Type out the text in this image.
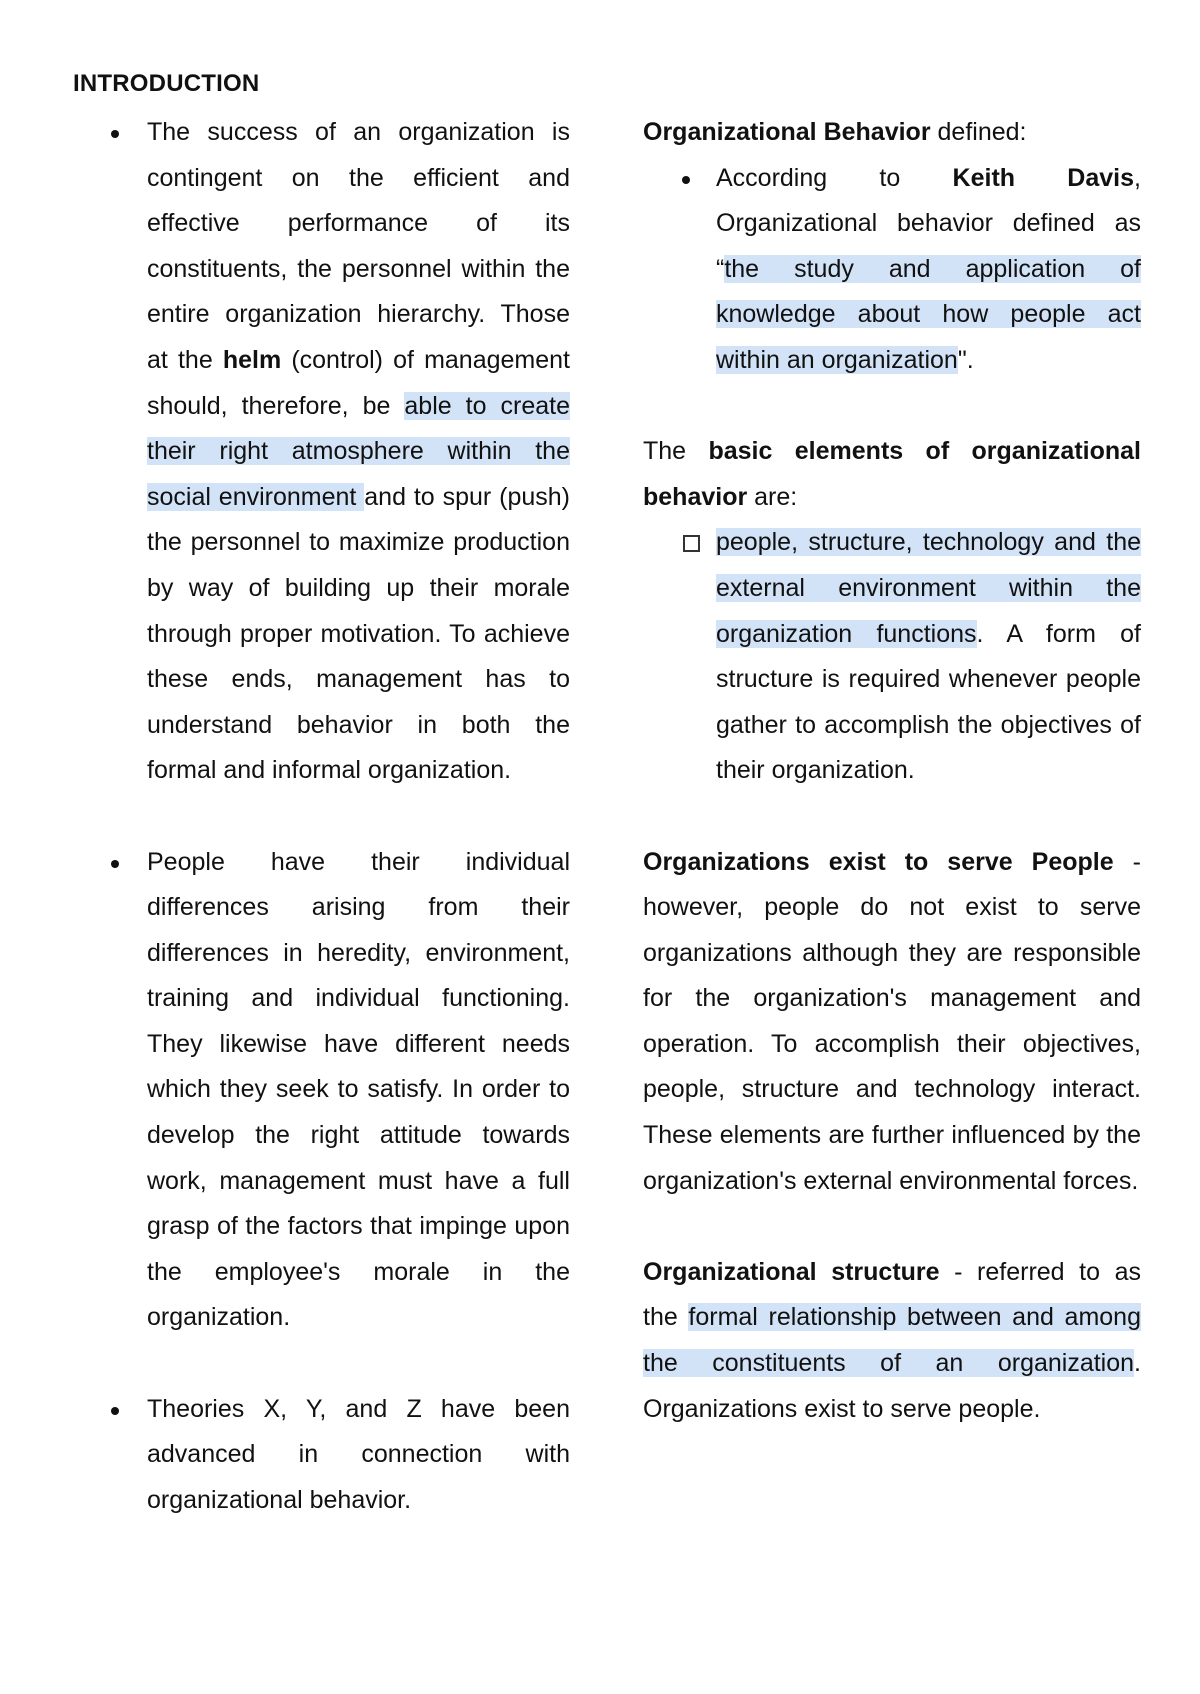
INTRODUCTION
The success of an organization is contingent on the efficient and effective performance of its constituents, the personnel within the entire organization hierarchy. Those at the helm (control) of management should, therefore, be able to create their right atmosphere within the social environment and to spur (push) the personnel to maximize production by way of building up their morale through proper motivation. To achieve these ends, management has to understand behavior in both the formal and informal organization.
People have their individual differences arising from their differences in heredity, environment, training and individual functioning. They likewise have different needs which they seek to satisfy. In order to develop the right attitude towards work, management must have a full grasp of the factors that impinge upon the employee's morale in the organization.
Theories X, Y, and Z have been advanced in connection with organizational behavior.

Organizational Behavior defined:

According to Keith Davis, Organizational behavior defined as “the study and application of knowledge about how people act within an organization".

The basic elements of organizational behavior are:

people, structure, technology and the external environment within the organization functions. A form of structure is required whenever people gather to accomplish the objectives of their organization.

Organizations exist to serve People - however, people do not exist to serve organizations although they are responsible for the organization's management and operation. To accomplish their objectives, people, structure and technology interact. These elements are further influenced by the organization's external environmental forces.

Organizational structure - referred to as the formal relationship between and among the constituents of an organization. Organizations exist to serve people.
